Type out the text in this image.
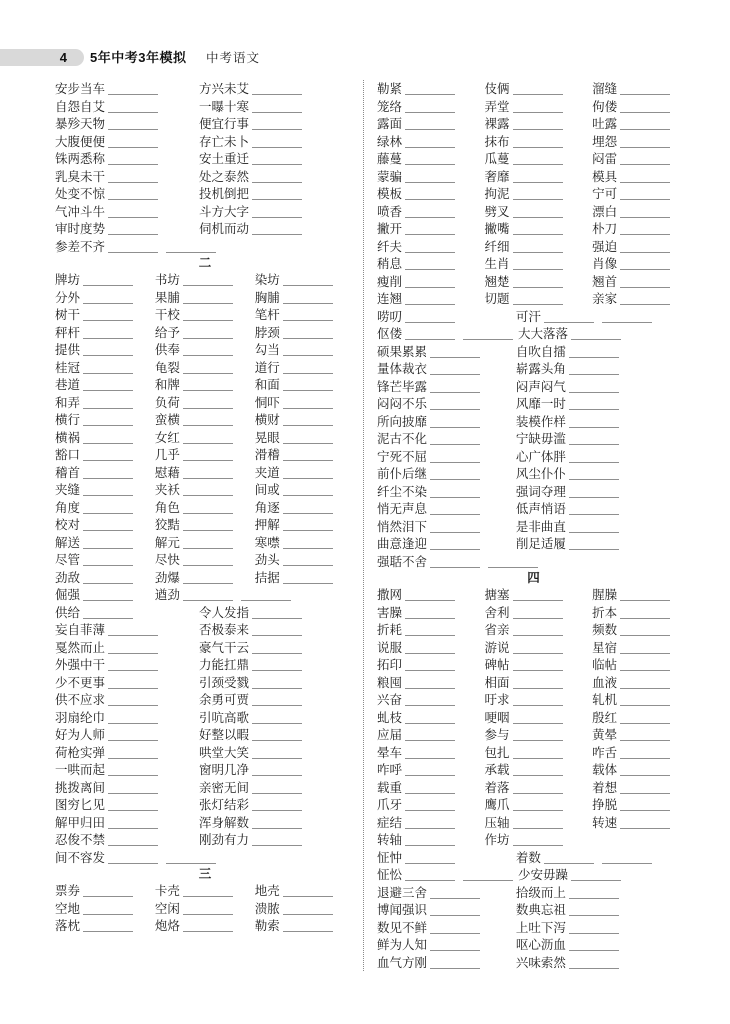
4	5年中考3年模拟 中考语文
安步当车	方兴未艾
自怨自艾	一曝十寒
暴殄天物	便宜行事
大腹便便	存亡未卜
铢两悉称	安土重迁
乳臭未干	处之泰然
处变不惊	投机倒把
气冲斗牛	斗方大字
审时度势	伺机而动
参差不齐
二
牌坊	书坊	染坊
分外	果脯	胸脯
树干	干校	笔杆
秤杆	给予	脖颈
提供	供奉	勾当
桂冠	龟裂	道行
巷道	和牌	和面
和弄	负荷	恫吓
横行	蛮横	横财
横祸	女红	晃眼
豁口	几乎	滑稽
稽首	慰藉	夹道
夹缝	夹袄	间或
角度	角色	角逐
校对	狡黠	押解
解送	解元	寒噤
尽管	尽快	劲头
劲敌	劲爆	拮据
倔强	遒劲
供给	令人发指
妄自菲薄	否极泰来
戛然而止	豪气干云
外强中干	力能扛鼎
少不更事	引颈受戮
供不应求	余勇可贾
羽扇纶巾	引吭高歌
好为人师	好整以暇
荷枪实弹	哄堂大笑
一哄而起	窗明几净
挑拨离间	亲密无间
图穷匕见	张灯结彩
解甲归田	浑身解数
忍俊不禁	刚劲有力
间不容发
三
票券	卡壳	地壳
空地	空闲	溃脓
落枕	炮烙	勒索
勒紧	伎俩	溜缝
笼络	弄堂	佝偻
露面	裸露	吐露
绿林	抹布	埋怨
藤蔓	瓜蔓	闷雷
蒙骗	奢靡	模具
模板	拘泥	宁可
喷香	劈叉	漂白
撇开	撇嘴	朴刀
纤夫	纤细	强迫
稍息	生肖	肖像
瘦削	翘楚	翘首
连翘	切题	亲家
唠叨	可汗
伛偻	大大落落
硕果累累	自吹自擂
量体裁衣	崭露头角
锋芒毕露	闷声闷气
闷闷不乐	风靡一时
所向披靡	装模作样
泥古不化	宁缺毋滥
宁死不屈	心广体胖
前仆后继	风尘仆仆
纤尘不染	强词夺理
悄无声息	低声悄语
悄然泪下	是非曲直
曲意逢迎	削足适履
强聒不舍
四
撒网	搪塞	腥臊
害臊	舍利	折本
折耗	省亲	频数
说服	游说	星宿
拓印	碑帖	临帖
粮囤	相面	血液
兴奋	吁求	轧机
虬枝	哽咽	殷红
应届	参与	黄晕
晕车	包扎	咋舌
咋呼	承载	载体
载重	着落	着想
爪牙	鹰爪	挣脱
症结	压轴	转速
转轴	作坊
怔忡	着数
怔忪	少安毋躁
退避三舍	拾级而上
博闻强识	数典忘祖
数见不鲜	上吐下泻
鲜为人知	呕心沥血
血气方刚	兴味索然
